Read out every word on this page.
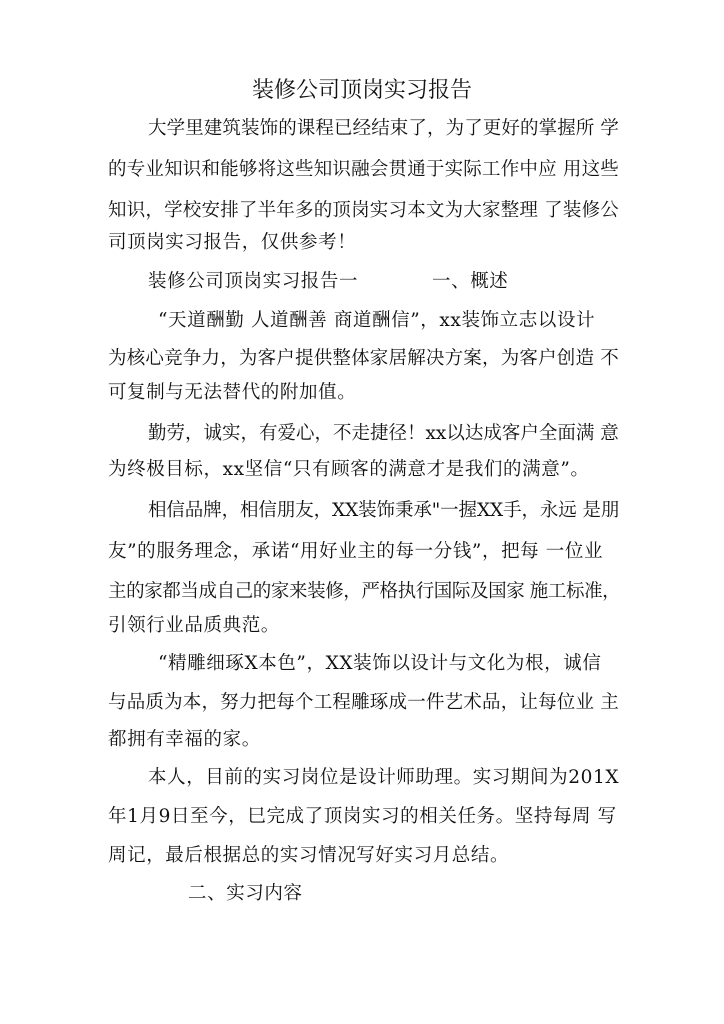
装修公司顶岗实习报告
大学里建筑装饰的课程已经结束了，为了更好的掌握所 学
的专业知识和能够将这些知识融会贯通于实际工作中应 用这些
知识，学校安排了半年多的顶岗实习本文为大家整理 了装修公
司顶岗实习报告，仅供参考！
装修公司顶岗实习报告一	一、概述
“天道酬勤 人道酬善 商道酬信”，xx装饰立志以设计
为核心竞争力，为客户提供整体家居解决方案，为客户创造 不
可复制与无法替代的附加值。
勤劳，诚实，有爱心，不走捷径！xx以达成客户全面满 意
为终极目标，xx坚信“只有顾客的满意才是我们的满意”。
相信品牌，相信朋友，XX装饰秉承"一握XX手，永远 是朋
友”的服务理念，承诺“用好业主的每一分钱”，把每 一位业
主的家都当成自己的家来装修，严格执行国际及国家 施工标准，
引领行业品质典范。
“精雕细琢X本色”，XX装饰以设计与文化为根，诚信
与品质为本，努力把每个工程雕琢成一件艺术品，让每位业 主
都拥有幸福的家。
本人，目前的实习岗位是设计师助理。实习期间为201X
年1月9日至今，巳完成了顶岗实习的相关任务。坚持每周 写
周记，最后根据总的实习情况写好实习月总结。
二、实习内容
